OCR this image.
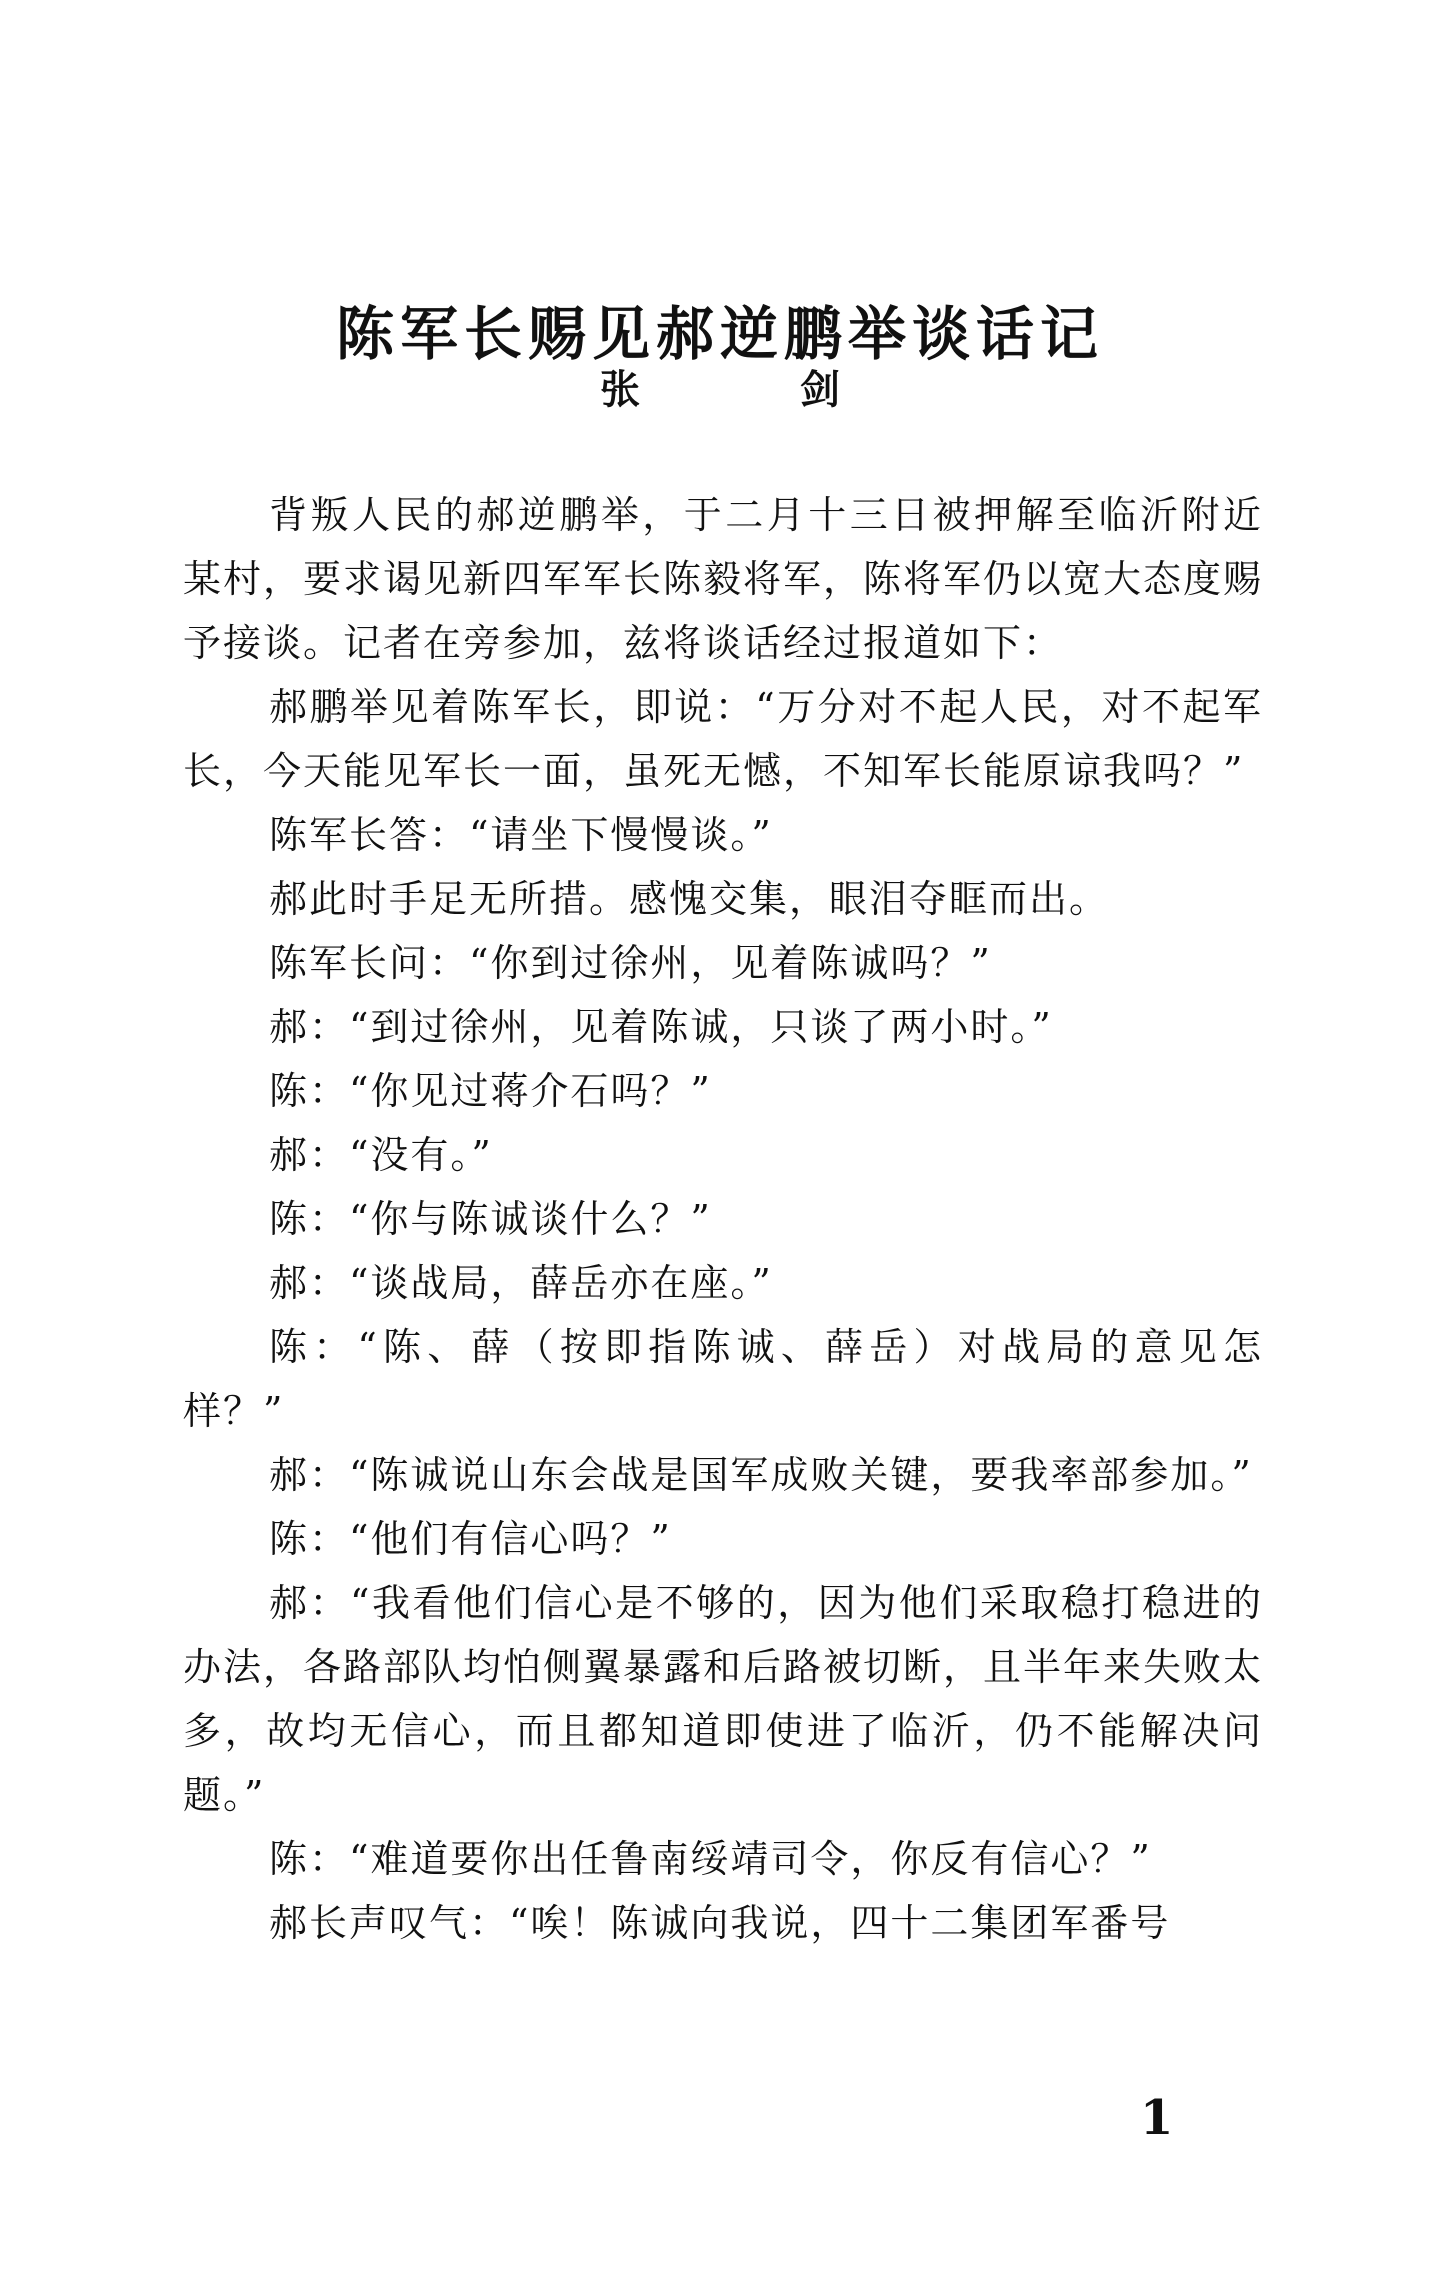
陈军长赐见郝逆鹏举谈话记
张　剑

背叛人民的郝逆鹏举，于二月十三日被押解至临沂附近某村，要求谒见新四军军长陈毅将军，陈将军仍以宽大态度赐予接谈。记者在旁参加，兹将谈话经过报道如下：

郝鹏举见着陈军长，即说：“万分对不起人民，对不起军长，今天能见军长一面，虽死无憾，不知军长能原谅我吗？”

陈军长答：“请坐下慢慢谈。”

郝此时手足无所措。感愧交集，眼泪夺眶而出。

陈军长问：“你到过徐州，见着陈诚吗？”

郝：“到过徐州，见着陈诚，只谈了两小时。”

陈：“你见过蒋介石吗？”

郝：“没有。”

陈：“你与陈诚谈什么？”

郝：“谈战局，薛岳亦在座。”

陈：“陈、薛（按即指陈诚、薛岳）对战局的意见怎样？”

郝：“陈诚说山东会战是国军成败关键，要我率部参加。”

陈：“他们有信心吗？”

郝：“我看他们信心是不够的，因为他们采取稳打稳进的办法，各路部队均怕侧翼暴露和后路被切断，且半年来失败太多，故均无信心，而且都知道即使进了临沂，仍不能解决问题。”

陈：“难道要你出任鲁南绥靖司令，你反有信心？”

郝长声叹气：“唉！陈诚向我说，四十二集团军番号

1
